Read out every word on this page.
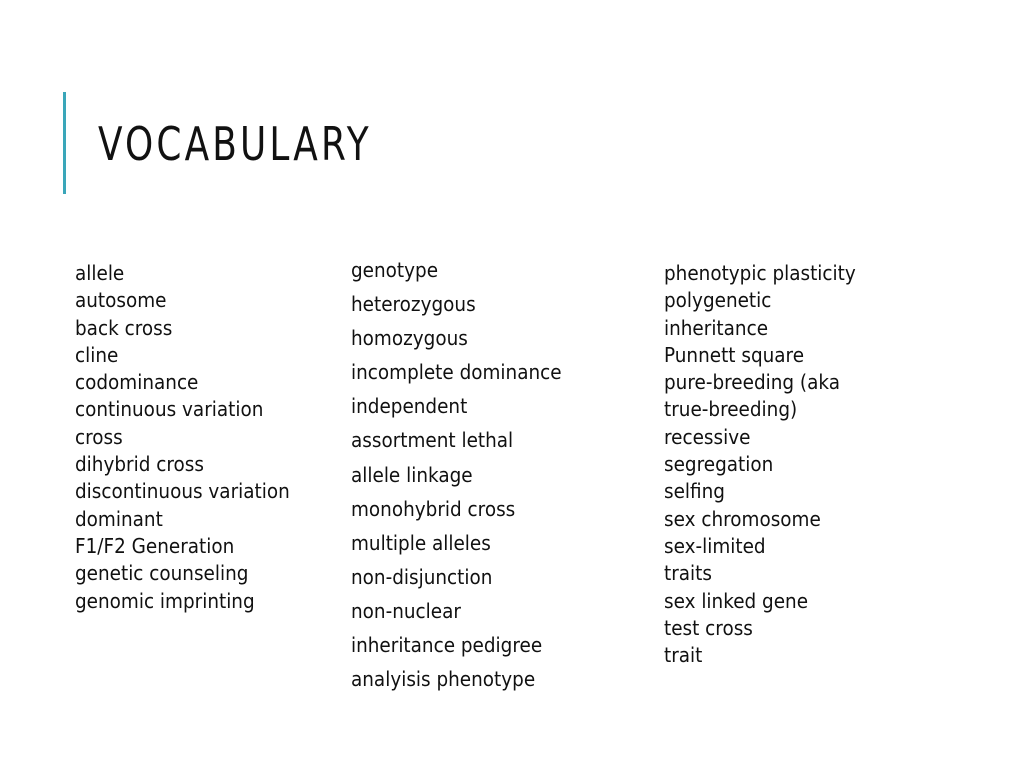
VOCABULARY
allele
autosome
back cross
cline
codominance
continuous variation
cross
dihybrid cross
discontinuous variation
dominant
F1/F2 Generation
genetic counseling
genomic imprinting
genotype
heterozygous
homozygous
incomplete dominance
independent
assortment lethal
allele linkage
monohybrid cross
multiple alleles
non-disjunction
non-nuclear
inheritance pedigree
analyisis phenotype
phenotypic plasticity
polygenetic
inheritance
Punnett square
pure-breeding (aka
true-breeding)
recessive
segregation
selfing
sex chromosome
sex-limited
traits
sex linked gene
test cross
trait
